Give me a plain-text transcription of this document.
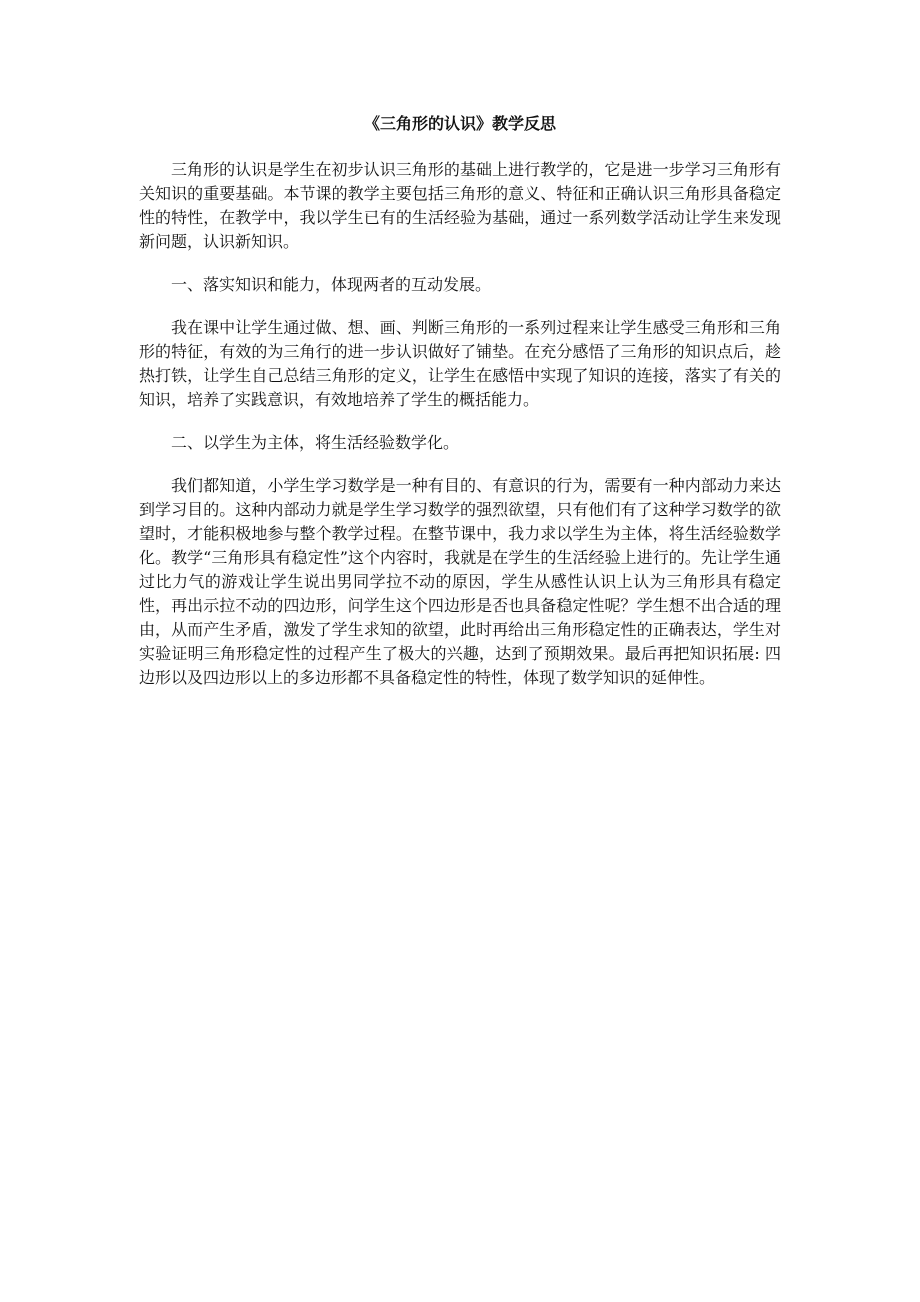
《三角形的认识》教学反思

三角形的认识是学生在初步认识三角形的基础上进行教学的，它是进一步学习三角形有关知识的重要基础。本节课的教学主要包括三角形的意义、特征和正确认识三角形具备稳定性的特性，在教学中，我以学生已有的生活经验为基础，通过一系列数学活动让学生来发现新问题，认识新知识。

一、落实知识和能力，体现两者的互动发展。

我在课中让学生通过做、想、画、判断三角形的一系列过程来让学生感受三角形和三角形的特征，有效的为三角行的进一步认识做好了铺垫。在充分感悟了三角形的知识点后，趁热打铁，让学生自己总结三角形的定义，让学生在感悟中实现了知识的连接，落实了有关的知识，培养了实践意识，有效地培养了学生的概括能力。

二、以学生为主体，将生活经验数学化。

我们都知道，小学生学习数学是一种有目的、有意识的行为，需要有一种内部动力来达到学习目的。这种内部动力就是学生学习数学的强烈欲望，只有他们有了这种学习数学的欲望时，才能积极地参与整个教学过程。在整节课中，我力求以学生为主体，将生活经验数学化。教学“三角形具有稳定性”这个内容时，我就是在学生的生活经验上进行的。先让学生通过比力气的游戏让学生说出男同学拉不动的原因，学生从感性认识上认为三角形具有稳定性，再出示拉不动的四边形，问学生这个四边形是否也具备稳定性呢？学生想不出合适的理由，从而产生矛盾，激发了学生求知的欲望，此时再给出三角形稳定性的正确表达，学生对实验证明三角形稳定性的过程产生了极大的兴趣，达到了预期效果。最后再把知识拓展: 四边形以及四边形以上的多边形都不具备稳定性的特性，体现了数学知识的延伸性。
